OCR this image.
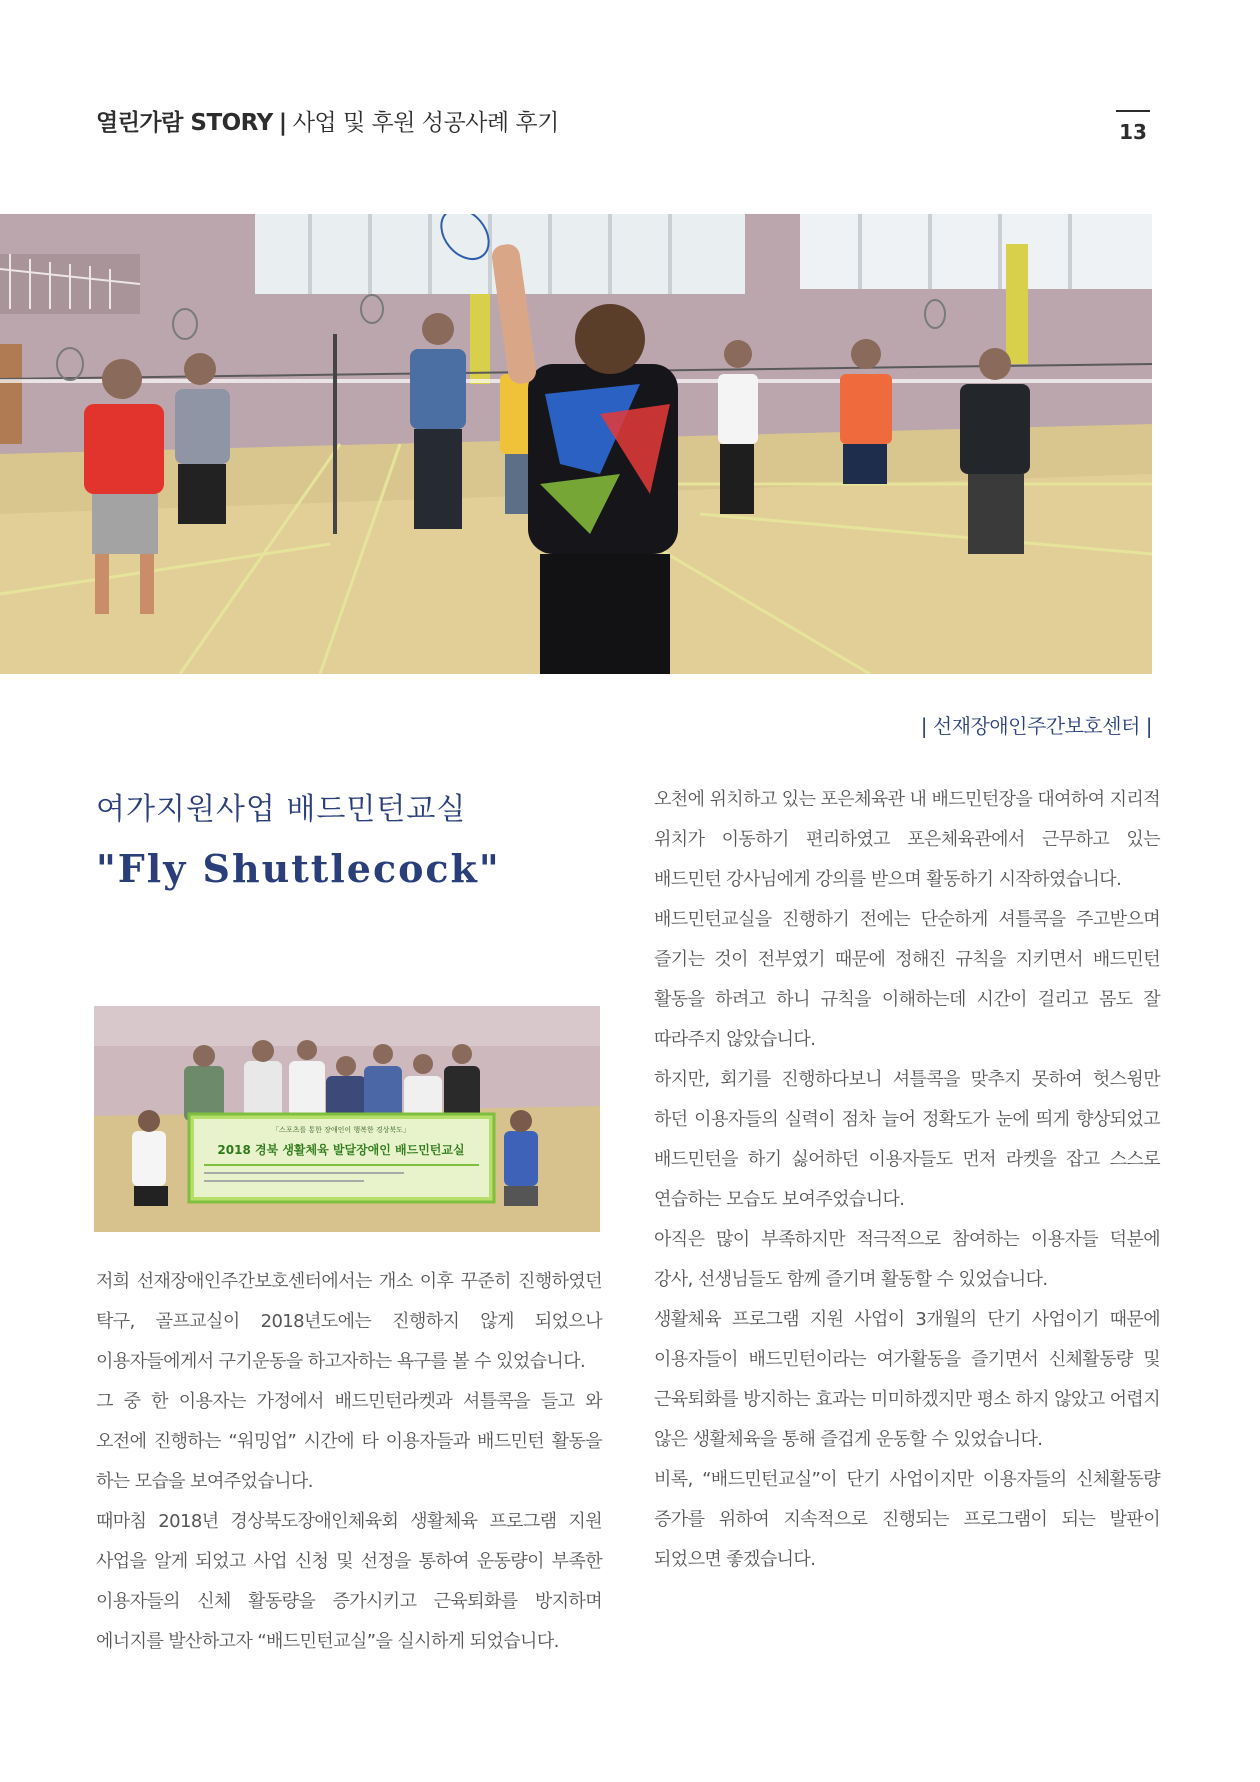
열린가람 STORY | 사업 및 후원 성공사례 후기	13
| 선재장애인주간보호센터 |
여가지원사업 배드민턴교실
"Fly Shuttlecock"
「스포츠를 통한 장애인이 행복한 경상북도」
2018 경북 생활체육 발달장애인 배드민턴교실

저희 선재장애인주간보호센터에서는 개소 이후 꾸준히 진행하였던 탁구, 골프교실이 2018년도에는 진행하지 않게 되었으나 이용자들에게서 구기운동을 하고자하는 욕구를 볼 수 있었습니다.

그 중 한 이용자는 가정에서 배드민턴라켓과 셔틀콕을 들고 와 오전에 진행하는 “워밍업” 시간에 타 이용자들과 배드민턴 활동을 하는 모습을 보여주었습니다.

때마침 2018년 경상북도장애인체육회 생활체육 프로그램 지원 사업을 알게 되었고 사업 신청 및 선정을 통하여 운동량이 부족한 이용자들의 신체 활동량을 증가시키고 근육퇴화를 방지하며 에너지를 발산하고자 “배드민턴교실”을 실시하게 되었습니다.

오천에 위치하고 있는 포은체육관 내 배드민턴장을 대여하여 지리적 위치가 이동하기 편리하였고 포은체육관에서 근무하고 있는 배드민턴 강사님에게 강의를 받으며 활동하기 시작하였습니다.

배드민턴교실을 진행하기 전에는 단순하게 셔틀콕을 주고받으며 즐기는 것이 전부였기 때문에 정해진 규칙을 지키면서 배드민턴 활동을 하려고 하니 규칙을 이해하는데 시간이 걸리고 몸도 잘 따라주지 않았습니다.

하지만, 회기를 진행하다보니 셔틀콕을 맞추지 못하여 헛스윙만 하던 이용자들의 실력이 점차 늘어 정확도가 눈에 띄게 향상되었고 배드민턴을 하기 싫어하던 이용자들도 먼저 라켓을 잡고 스스로 연습하는 모습도 보여주었습니다.

아직은 많이 부족하지만 적극적으로 참여하는 이용자들 덕분에 강사, 선생님들도 함께 즐기며 활동할 수 있었습니다.

생활체육 프로그램 지원 사업이 3개월의 단기 사업이기 때문에 이용자들이 배드민턴이라는 여가활동을 즐기면서 신체활동량 및 근육퇴화를 방지하는 효과는 미미하겠지만 평소 하지 않았고 어렵지 않은 생활체육을 통해 즐겁게 운동할 수 있었습니다.

비록, “배드민턴교실”이 단기 사업이지만 이용자들의 신체활동량 증가를 위하여 지속적으로 진행되는 프로그램이 되는 발판이 되었으면 좋겠습니다.
